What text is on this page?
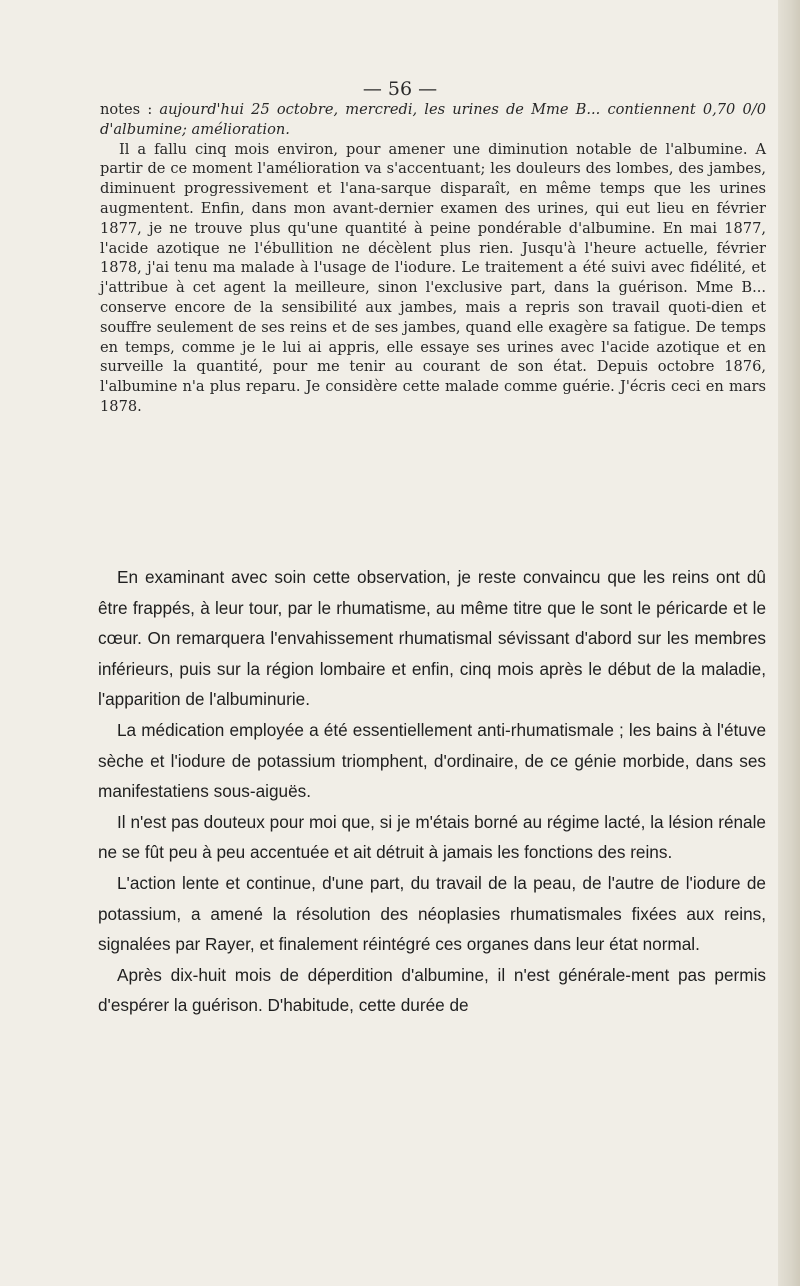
— 56 —

notes : aujourd'hui 25 octobre, mercredi, les urines de Mme B... contiennent 0,70 0/0 d'albumine; amélioration.

Il a fallu cinq mois environ, pour amener une diminution notable de l'albumine. A partir de ce moment l'amélioration va s'accentuant; les douleurs des lombes, des jambes, diminuent progressivement et l'ana-sarque disparaît, en même temps que les urines augmentent. Enfin, dans mon avant-dernier examen des urines, qui eut lieu en février 1877, je ne trouve plus qu'une quantité à peine pondérable d'albumine. En mai 1877, l'acide azotique ne l'ébullition ne décèlent plus rien. Jusqu'à l'heure actuelle, février 1878, j'ai tenu ma malade à l'usage de l'iodure. Le traitement a été suivi avec fidélité, et j'attribue à cet agent la meilleure, sinon l'exclusive part, dans la guérison. Mme B... conserve encore de la sensibilité aux jambes, mais a repris son travail quoti-dien et souffre seulement de ses reins et de ses jambes, quand elle exagère sa fatigue. De temps en temps, comme je le lui ai appris, elle essaye ses urines avec l'acide azotique et en surveille la quantité, pour me tenir au courant de son état. Depuis octobre 1876, l'albumine n'a plus reparu. Je considère cette malade comme guérie. J'écris ceci en mars 1878.

En examinant avec soin cette observation, je reste convaincu que les reins ont dû être frappés, à leur tour, par le rhumatisme, au même titre que le sont le péricarde et le cœur. On remarquera l'envahissement rhumatismal sévissant d'abord sur les membres inférieurs, puis sur la région lombaire et enfin, cinq mois après le début de la maladie, l'apparition de l'albuminurie.

La médication employée a été essentiellement anti-rhumatismale ; les bains à l'étuve sèche et l'iodure de potassium triomphent, d'ordinaire, de ce génie morbide, dans ses manifestatiens sous-aiguës.

Il n'est pas douteux pour moi que, si je m'étais borné au régime lacté, la lésion rénale ne se fût peu à peu accentuée et ait détruit à jamais les fonctions des reins.

L'action lente et continue, d'une part, du travail de la peau, de l'autre de l'iodure de potassium, a amené la résolution des néoplasies rhumatismales fixées aux reins, signalées par Rayer, et finalement réintégré ces organes dans leur état normal.

Après dix-huit mois de déperdition d'albumine, il n'est générale-ment pas permis d'espérer la guérison. D'habitude, cette durée de
